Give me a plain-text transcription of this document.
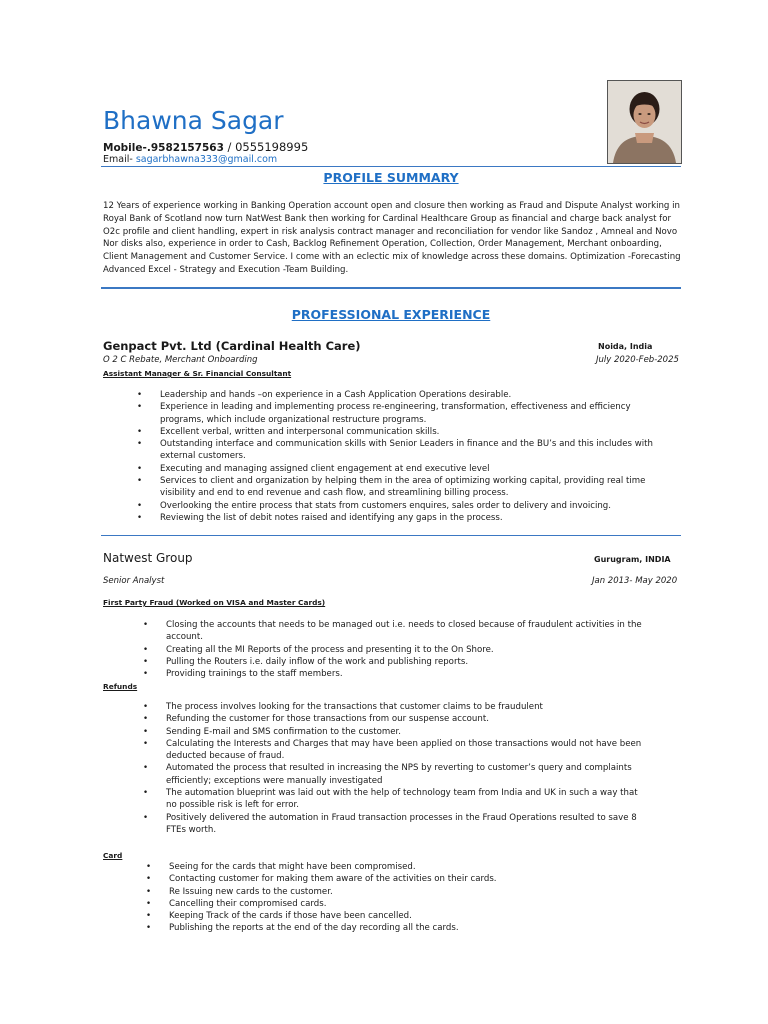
Bhawna Sagar
Mobile-.9582157563 / 0555198995
Email- sagarbhawna333@gmail.com
PROFILE SUMMARY

12 Years of experience working in Banking Operation account open and closure then working as Fraud and Dispute Analyst working in Royal Bank of Scotland now turn NatWest Bank then working for Cardinal Healthcare Group as financial and charge back analyst for O2c profile and client handling, expert in risk analysis contract manager and reconciliation for vendor like Sandoz , Amneal and Novo Nor disks also, experience in order to Cash, Backlog Refinement Operation, Collection, Order Management, Merchant onboarding, Client Management and Customer Service. I come with an eclectic mix of knowledge across these domains. Optimization -Forecasting Advanced Excel - Strategy and Execution -Team Building.

PROFESSIONAL EXPERIENCE
Genpact Pvt. Ltd (Cardinal Health Care)	Noida, India
O 2 C Rebate, Merchant Onboarding	July 2020-Feb-2025
Assistant Manager & Sr. Financial Consultant
• Leadership and hands –on experience in a Cash Application Operations desirable.
• Experience in leading and implementing process re-engineering, transformation, effectiveness and efficiency programs, which include organizational restructure programs.
• Excellent verbal, written and interpersonal communication skills.
• Outstanding interface and communication skills with Senior Leaders in finance and the BU’s and this includes with external customers.
• Executing and managing assigned client engagement at end executive level
• Services to client and organization by helping them in the area of optimizing working capital, providing real time visibility and end to end revenue and cash flow, and streamlining billing process.
• Overlooking the entire process that stats from customers enquires, sales order to delivery and invoicing.
• Reviewing the list of debit notes raised and identifying any gaps in the process.
Natwest Group	Gurugram, INDIA
Senior Analyst	Jan 2013- May 2020
First Party Fraud (Worked on VISA and Master Cards)
• Closing the accounts that needs to be managed out i.e. needs to closed because of fraudulent activities in the account.
• Creating all the MI Reports of the process and presenting it to the On Shore.
• Pulling the Routers i.e. daily inflow of the work and publishing reports.
• Providing trainings to the staff members.
Refunds
• The process involves looking for the transactions that customer claims to be fraudulent
• Refunding the customer for those transactions from our suspense account.
• Sending E-mail and SMS confirmation to the customer.
• Calculating the Interests and Charges that may have been applied on those transactions would not have been deducted because of fraud.
• Automated the process that resulted in increasing the NPS by reverting to customer’s query and complaints efficiently; exceptions were manually investigated
• The automation blueprint was laid out with the help of technology team from India and UK in such a way that no possible risk is left for error.
• Positively delivered the automation in Fraud transaction processes in the Fraud Operations resulted to save 8 FTEs worth.
Card
• Seeing for the cards that might have been compromised.
• Contacting customer for making them aware of the activities on their cards.
• Re Issuing new cards to the customer.
• Cancelling their compromised cards.
• Keeping Track of the cards if those have been cancelled.
• Publishing the reports at the end of the day recording all the cards.
